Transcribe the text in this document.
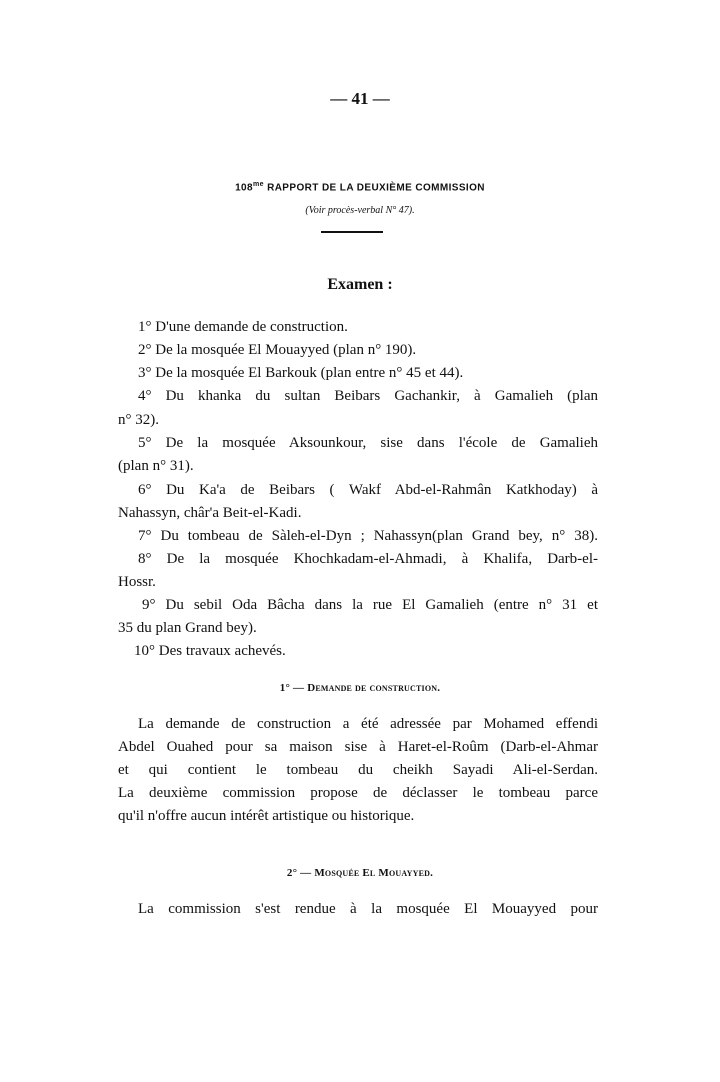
— 41 —
$108^{me}$ RAPPORT DE LA DEUXIÈME COMMISSION
(Voir procès-verbal N° 47).
Examen :
1° D'une demande de construction.
2° De la mosquée El Mouayyed (plan n° 190).
3° De la mosquée El Barkouk (plan entre n° 45 et 44).
4° Du khanka du sultan Beibars Gachankir, à Gamalieh (plan
n° 32).
5° De la mosquée Aksounkour, sise dans l'école de Gamalieh
(plan n° 31).
6° Du Ka'a de Beibars ( Wakf Abd-el-Rahmân Katkhoday) à
Nahassyn, châr'a Beit-el-Kadi.
7° Du tombeau de Sàleh-el-Dyn ; Nahassyn(plan Grand bey, n° 38).
8° De la mosquée Khochkadam-el-Ahmadi, à Khalifa, Darb-el-
Hossr.
9° Du sebil Oda Bâcha dans la rue El Gamalieh (entre n° 31 et
35 du plan Grand bey).
10° Des travaux achevés.
1° — Demande de construction.
La demande de construction a été adressée par Mohamed effendi
Abdel Ouahed pour sa maison sise à Haret-el-Roûm (Darb-el-Ahmar
et qui contient le tombeau du cheikh Sayadi Ali-el-Serdan.
La deuxième commission propose de déclasser le tombeau parce
qu'il n'offre aucun intérêt artistique ou historique.
2° — Mosquée El Mouayyed.
La commission s'est rendue à la mosquée El Mouayyed pour
